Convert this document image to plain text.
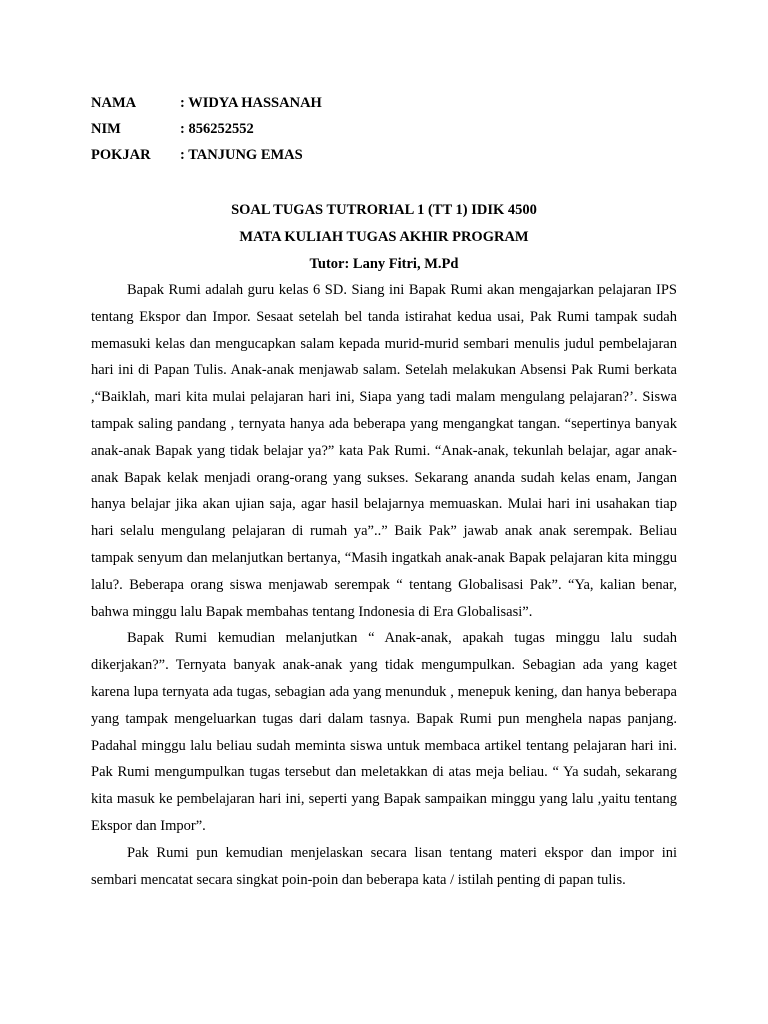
NAMA	: WIDYA HASSANAH
NIM	: 856252552
POKJAR	: TANJUNG EMAS
SOAL TUGAS TUTRORIAL 1 (TT 1) IDIK 4500
MATA KULIAH TUGAS AKHIR PROGRAM
Tutor: Lany Fitri, M.Pd

Bapak Rumi adalah guru kelas 6 SD. Siang ini Bapak Rumi akan mengajarkan pelajaran IPS tentang Ekspor dan Impor. Sesaat setelah bel tanda istirahat kedua usai, Pak Rumi tampak sudah memasuki kelas dan mengucapkan salam kepada murid-murid sembari menulis judul pembelajaran hari ini di Papan Tulis. Anak-anak menjawab salam. Setelah melakukan Absensi Pak Rumi berkata ,“Baiklah, mari kita mulai pelajaran hari ini, Siapa yang tadi malam mengulang pelajaran?’. Siswa tampak saling pandang , ternyata hanya ada beberapa yang mengangkat tangan. “sepertinya banyak anak-anak Bapak yang tidak belajar ya?” kata Pak Rumi. “Anak-anak, tekunlah belajar, agar anak-anak Bapak kelak menjadi orang-orang yang sukses. Sekarang ananda sudah kelas enam, Jangan hanya belajar jika akan ujian saja, agar hasil belajarnya memuaskan. Mulai hari ini usahakan tiap hari selalu mengulang pelajaran di rumah ya”..” Baik Pak” jawab anak anak serempak. Beliau tampak senyum dan melanjutkan bertanya, “Masih ingatkah anak-anak Bapak pelajaran kita minggu lalu?. Beberapa orang siswa menjawab serempak “ tentang Globalisasi Pak”. “Ya, kalian benar, bahwa minggu lalu Bapak membahas tentang Indonesia di Era Globalisasi”.

Bapak Rumi kemudian melanjutkan “ Anak-anak, apakah tugas minggu lalu sudah dikerjakan?”. Ternyata banyak anak-anak yang tidak mengumpulkan. Sebagian ada yang kaget karena lupa ternyata ada tugas, sebagian ada yang menunduk , menepuk kening, dan hanya beberapa yang tampak mengeluarkan tugas dari dalam tasnya. Bapak Rumi pun menghela napas panjang. Padahal minggu lalu beliau sudah meminta siswa untuk membaca artikel tentang pelajaran hari ini. Pak Rumi mengumpulkan tugas tersebut dan meletakkan di atas meja beliau. “ Ya sudah, sekarang kita masuk ke pembelajaran hari ini, seperti yang Bapak sampaikan minggu yang lalu ,yaitu tentang Ekspor dan Impor”.

Pak Rumi pun kemudian menjelaskan secara lisan tentang materi ekspor dan impor ini sembari mencatat secara singkat poin-poin dan beberapa kata / istilah penting di papan tulis.
